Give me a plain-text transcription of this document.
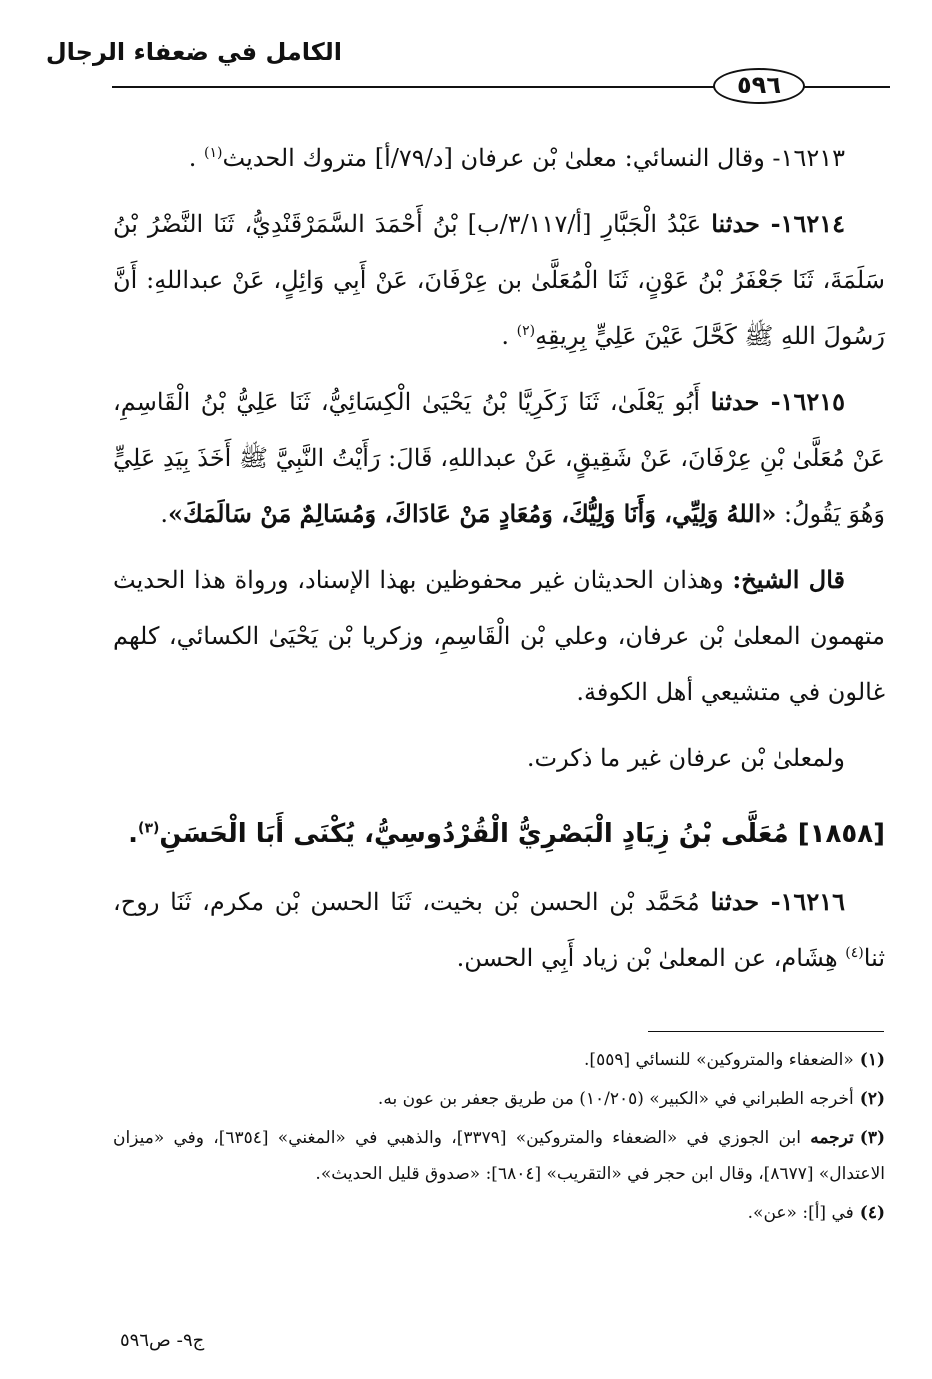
الكامل في ضعفاء الرجال
٥٩٦

١٦٢١٣- وقال النسائي: معلىٰ بْن عرفان [د/٧٩/أ] متروك الحديث$^{(١)}$ .

١٦٢١٤- حدثنا عَبْدُ الْجَبَّارِ [أ/٣/١١٧/ب] بْنُ أَحْمَدَ السَّمَرْقَنْدِيُّ، ثَنَا النَّضْرُ بْنُ سَلَمَةَ، ثَنَا جَعْفَرُ بْنُ عَوْنٍ، ثَنَا الْمُعَلَّىٰ بن عِرْفَانَ، عَنْ أَبِي وَائِلٍ، عَنْ عبداللهِ: أَنَّ رَسُولَ اللهِ ﷺ كَحَّلَ عَيْنَ عَلِيٍّ بِرِيقِهِ$^{(٢)}$ .

١٦٢١٥- حدثنا أَبُو يَعْلَىٰ، ثَنَا زَكَرِيَّا بْنُ يَحْيَىٰ الْكِسَائِيُّ، ثَنَا عَلِيُّ بْنُ الْقَاسِمِ، عَنْ مُعَلَّىٰ بْنِ عِرْفَانَ، عَنْ شَقِيقٍ، عَنْ عبداللهِ، قَالَ: رَأَيْتُ النَّبِيَّ ﷺ أَخَذَ بِيَدِ عَلِيٍّ وَهُوَ يَقُولُ: «اللهُ وَلِيِّي، وَأَنَا وَلِيُّكَ، وَمُعَادٍ مَنْ عَادَاكَ، وَمُسَالِمٌ مَنْ سَالَمَكَ».

قال الشيخ: وهذان الحديثان غير محفوظين بهذا الإسناد، ورواة هذا الحديث متهمون المعلىٰ بْن عرفان، وعلي بْن الْقَاسِمِ، وزكريا بْن يَحْيَىٰ الكسائي، كلهم غالون في متشيعي أهل الكوفة.

ولمعلىٰ بْن عرفان غير ما ذكرت.

[١٨٥٨] مُعَلَّى بْنُ زِيَادٍ الْبَصْرِيُّ الْقُرْدُوسِيُّ، يُكْنَى أَبَا الْحَسَنِ$^{(٣)}$.

١٦٢١٦- حدثنا مُحَمَّد بْن الحسن بْن بخيت، ثَنَا الحسن بْن مكرم، ثَنَا روح، ثنا$^{(٤)}$ هِشَام، عن المعلىٰ بْن زياد أَبِي الحسن.

(١)«الضعفاء والمتروكين» للنسائي [٥٥٩].
(٢)أخرجه الطبراني في «الكبير» (١٠/٢٠٥) من طريق جعفر بن عون به.
(٣)ترجمه ابن الجوزي في «الضعفاء والمتروكين» [٣٣٧٩]، والذهبي في «المغني» [٦٣٥٤]، وفي «ميزان الاعتدال» [٨٦٧٧]، وقال ابن حجر في «التقريب» [٦٨٠٤]: «صدوق قليل الحديث».
(٤)في [أ]: «عن».
ج٩- ص٥٩٦
